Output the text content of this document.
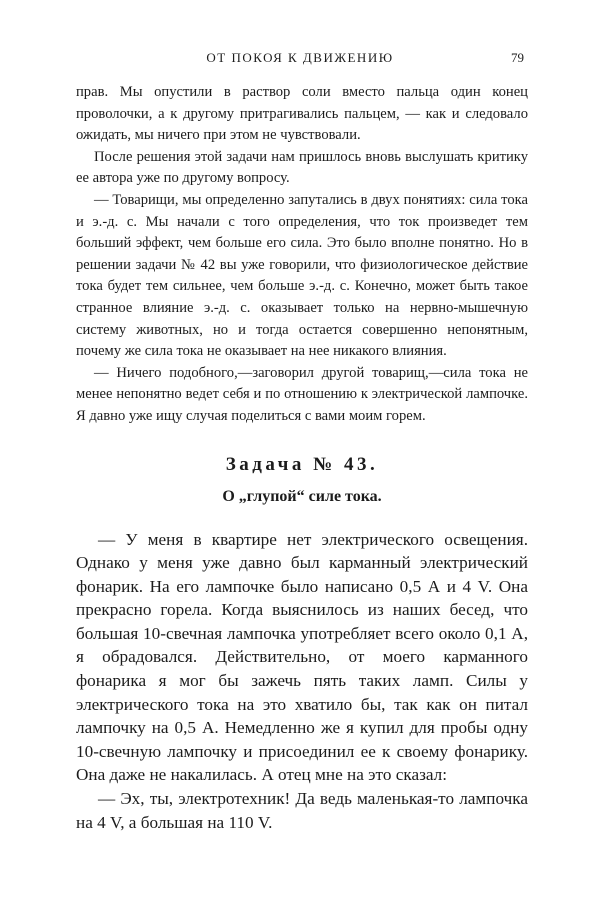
ОТ ПОКОЯ К ДВИЖЕНИЮ	79

прав. Мы опустили в раствор соли вместо пальца один конец проволочки, а к другому притрагивались пальцем, — как и следовало ожидать, мы ничего при этом не чувствовали.

После решения этой задачи нам пришлось вновь выслушать критику ее автора уже по другому вопросу.

— Товарищи, мы определенно запутались в двух понятиях: сила тока и э.-д. с. Мы начали с того определения, что ток произведет тем больший эффект, чем больше его сила. Это было вполне понятно. Но в решении задачи № 42 вы уже говорили, что физиологическое действие тока будет тем сильнее, чем больше э.-д. с. Конечно, может быть такое странное влияние э.-д. с. оказывает только на нервно-мышечную систему животных, но и тогда остается совершенно непонятным, почему же сила тока не оказывает на нее никакого влияния.

— Ничего подобного,—заговорил другой товарищ,—сила тока не менее непонятно ведет себя и по отношению к электрической лампочке. Я давно уже ищу случая поделиться с вами моим горем.

Задача № 43.
О „глупой“ силе тока.

— У меня в квартире нет электрического освещения. Однако у меня уже давно был карманный электрический фонарик. На его лампочке было написано 0,5 А и 4 V. Она прекрасно горела. Когда выяснилось из наших бесед, что большая 10-свечная лампочка употребляет всего около 0,1 А, я обрадовался. Действительно, от моего карманного фонарика я мог бы зажечь пять таких ламп. Силы у электрического тока на это хватило бы, так как он питал лампочку на 0,5 А. Немедленно же я купил для пробы одну 10-свечную лампочку и присоединил ее к своему фонарику. Она даже не накалилась. А отец мне на это сказал:

— Эх, ты, электротехник! Да ведь маленькая-то лампочка на 4 V, а большая на 110 V.
